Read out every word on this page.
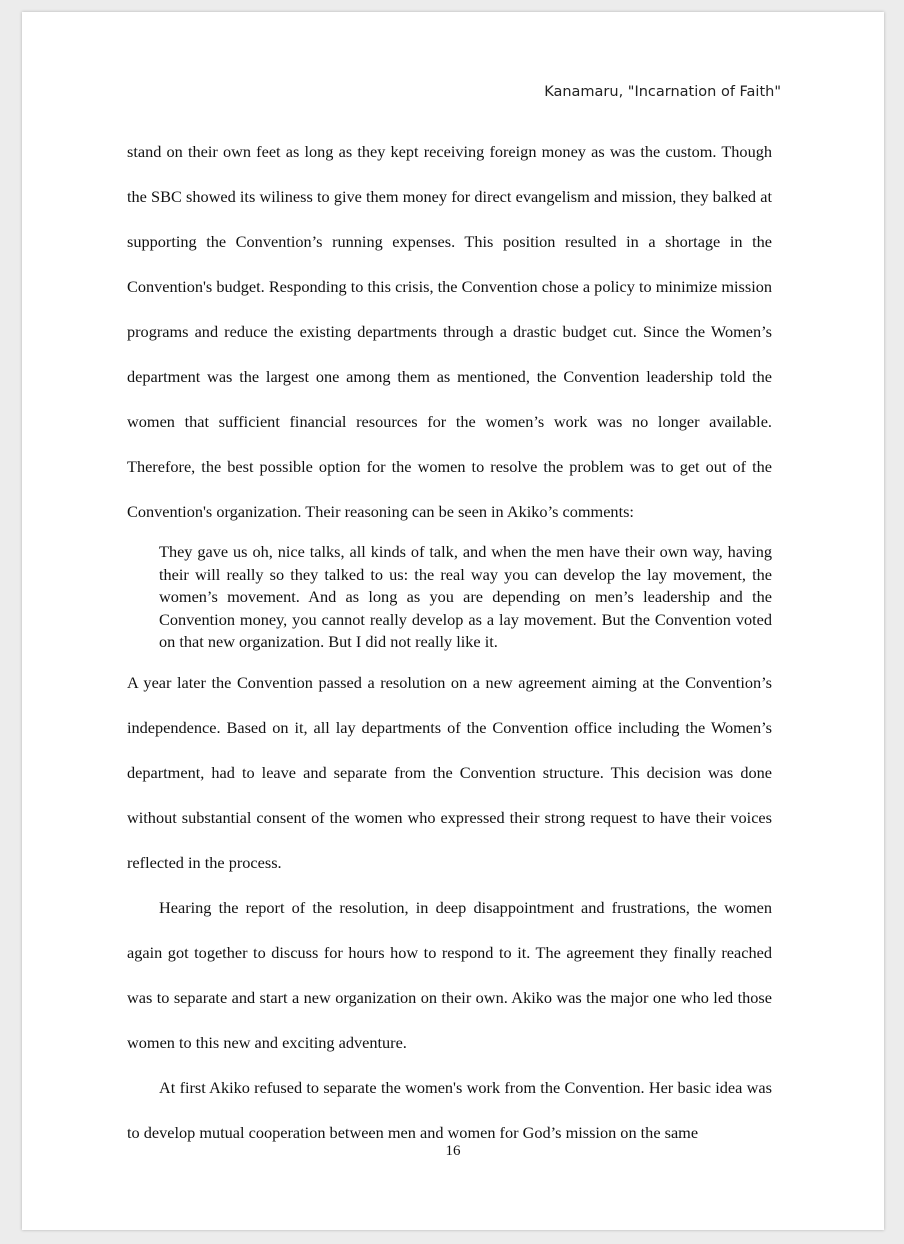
Kanamaru, "Incarnation of Faith"

stand on their own feet as long as they kept receiving foreign money as was the custom. Though the SBC showed its wiliness to give them money for direct evangelism and mission, they balked at supporting the Convention’s running expenses. This position resulted in a shortage in the Convention's budget. Responding to this crisis, the Convention chose a policy to minimize mission programs and reduce the existing departments through a drastic budget cut. Since the Women’s department was the largest one among them as mentioned, the Convention leadership told the women that sufficient financial resources for the women’s work was no longer available. Therefore, the best possible option for the women to resolve the problem was to get out of the Convention's organization. Their reasoning can be seen in Akiko’s comments:

They gave us oh, nice talks, all kinds of talk, and when the men have their own way, having their will really so they talked to us: the real way you can develop the lay movement, the women’s movement. And as long as you are depending on men’s leadership and the Convention money, you cannot really develop as a lay movement. But the Convention voted on that new organization. But I did not really like it.

A year later the Convention passed a resolution on a new agreement aiming at the Convention’s independence. Based on it, all lay departments of the Convention office including the Women’s department, had to leave and separate from the Convention structure. This decision was done without substantial consent of the women who expressed their strong request to have their voices reflected in the process.

Hearing the report of the resolution, in deep disappointment and frustrations, the women again got together to discuss for hours how to respond to it. The agreement they finally reached was to separate and start a new organization on their own. Akiko was the major one who led those women to this new and exciting adventure.

At first Akiko refused to separate the women's work from the Convention. Her basic idea was to develop mutual cooperation between men and women for God’s mission on the same

16
